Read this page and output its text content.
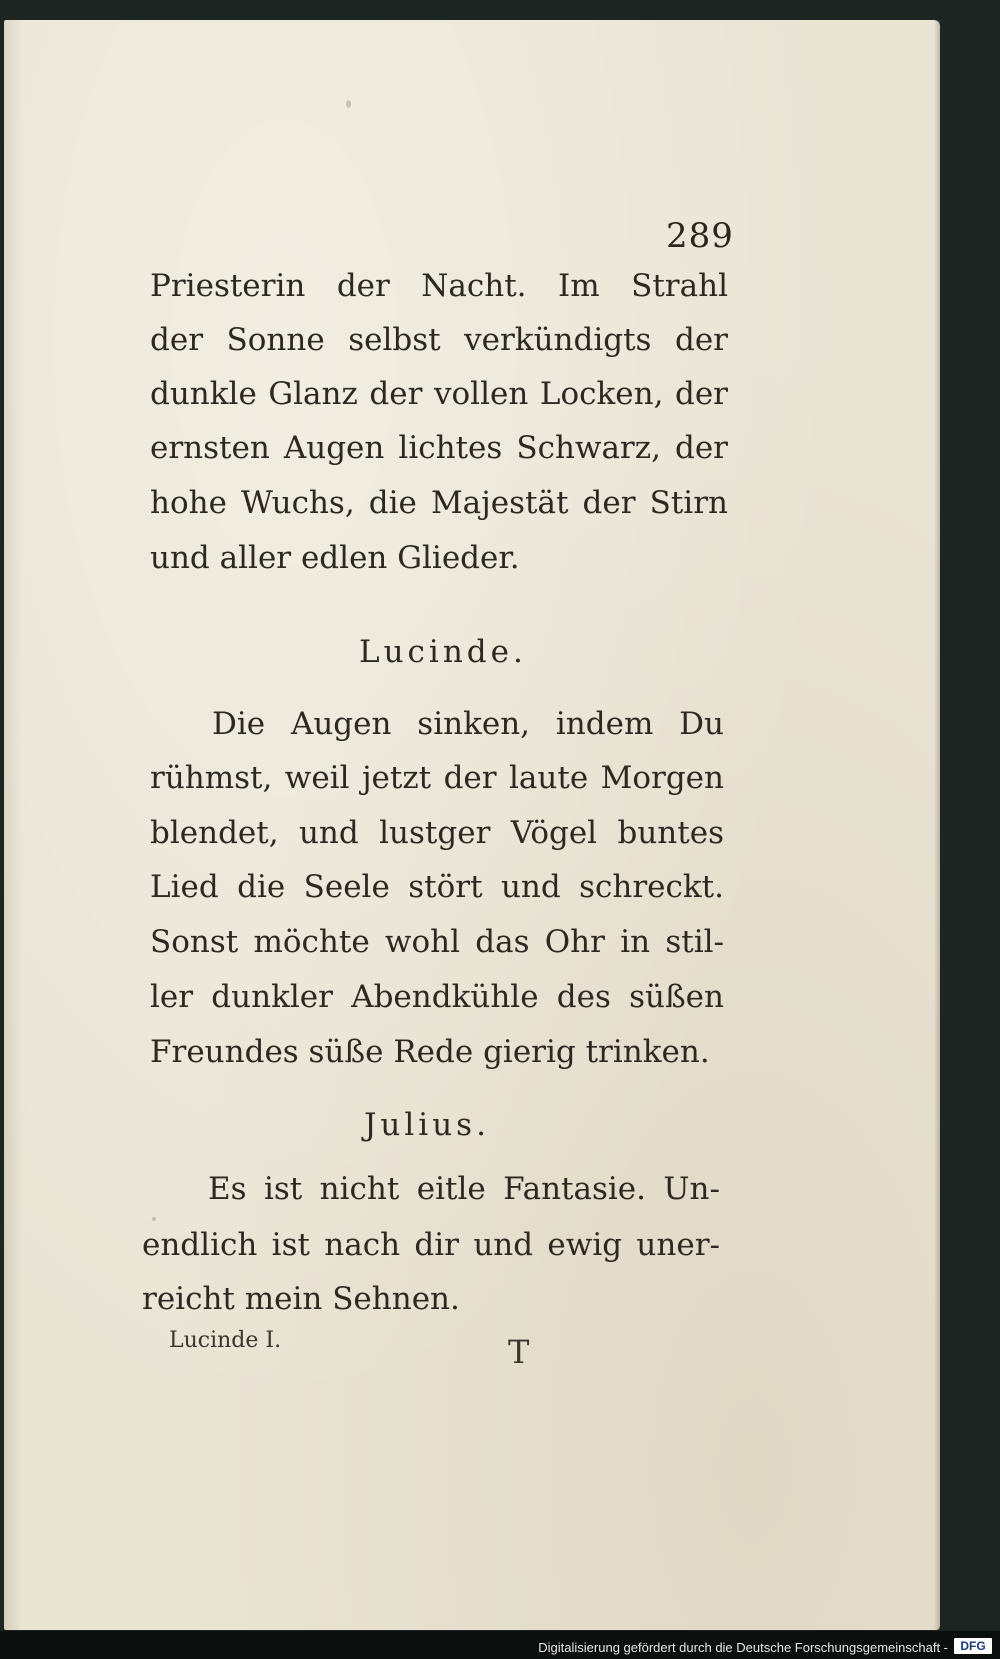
289

Priesterin der Nacht. Im Strahl

der Sonne selbst verkündigts der

dunkle Glanz der vollen Locken, der

ernsten Augen lichtes Schwarz, der

hohe Wuchs, die Majestät der Stirn

und aller edlen Glieder.

Lucinde.

Die Augen sinken, indem Du

rühmst, weil jetzt der laute Morgen

blendet, und lustger Vögel buntes

Lied die Seele stört und schreckt.

Sonst möchte wohl das Ohr in stil-

ler dunkler Abendkühle des süßen

Freundes süße Rede gierig trinken.

Julius.

Es ist nicht eitle Fantasie. Un-

endlich ist nach dir und ewig uner-

reicht mein Sehnen.

Lucinde I.	T
Digitalisierung gefördert durch die Deutsche Forschungsgemeinschaft -	DFG
